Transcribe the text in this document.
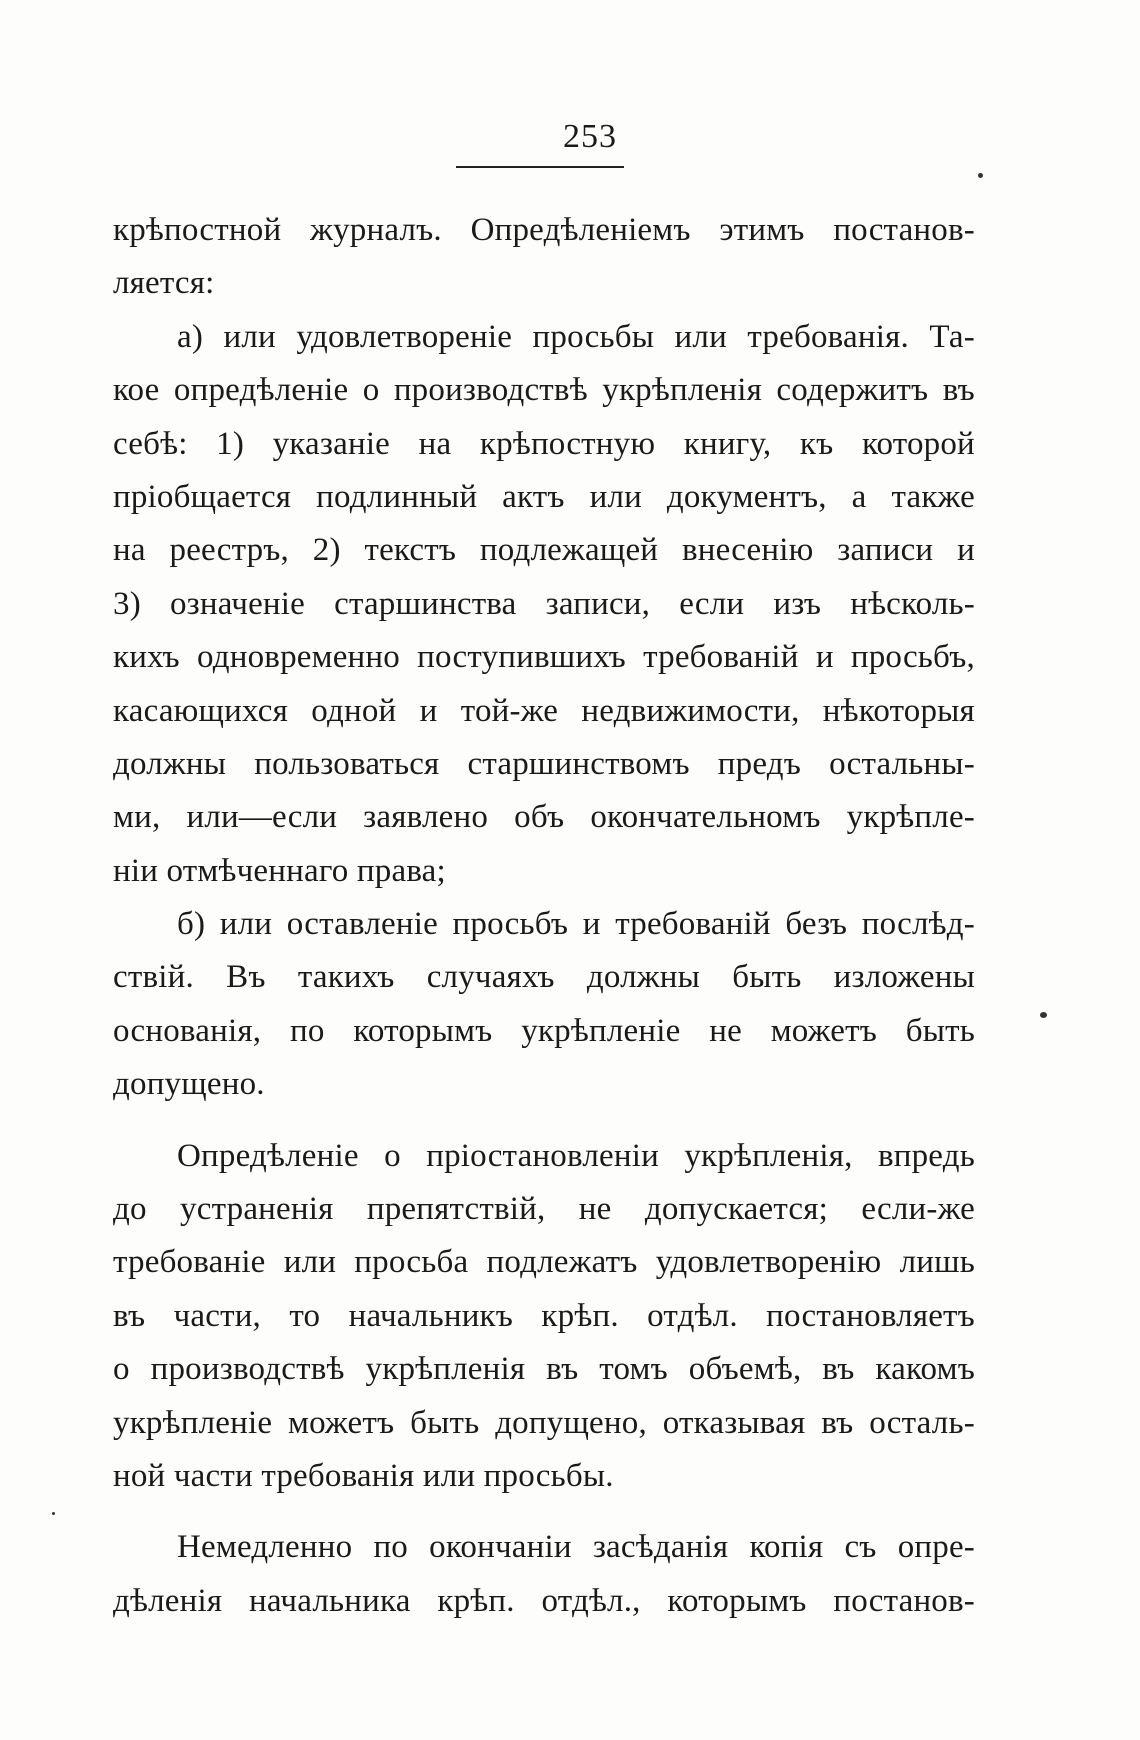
253
крѣпостной журналъ. Опредѣленіемъ этимъ постанов-
ляется:
а) или удовлетвореніе просьбы или требованія. Та-
кое опредѣленіе о производствѣ укрѣпленія содержитъ въ
себѣ: 1) указаніе на крѣпостную книгу, къ которой
пріобщается подлинный актъ или документъ, а также
на реестръ, 2) текстъ подлежащей внесенію записи и
3) означеніе старшинства записи, если изъ нѣсколь-
кихъ одновременно поступившихъ требованій и просьбъ,
касающихся одной и той-же недвижимости, нѣкоторыя
должны пользоваться старшинствомъ предъ остальны-
ми, или—если заявлено объ окончательномъ укрѣпле-
ніи отмѣченнаго права;
б) или оставленіе просьбъ и требованій безъ послѣд-
ствій. Въ такихъ случаяхъ должны быть изложены
основанія, по которымъ укрѣпленіе не можетъ быть
допущено.
Опредѣленіе о пріостановленіи укрѣпленія, впредь
до устраненія препятствій, не допускается; если-же
требованіе или просьба подлежатъ удовлетворенію лишь
въ части, то начальникъ крѣп. отдѣл. постановляетъ
о производствѣ укрѣпленія въ томъ объемѣ, въ какомъ
укрѣпленіе можетъ быть допущено, отказывая въ осталь-
ной части требованія или просьбы.
Немедленно по окончаніи засѣданія копія съ опре-
дѣленія начальника крѣп. отдѣл., которымъ постанов-
